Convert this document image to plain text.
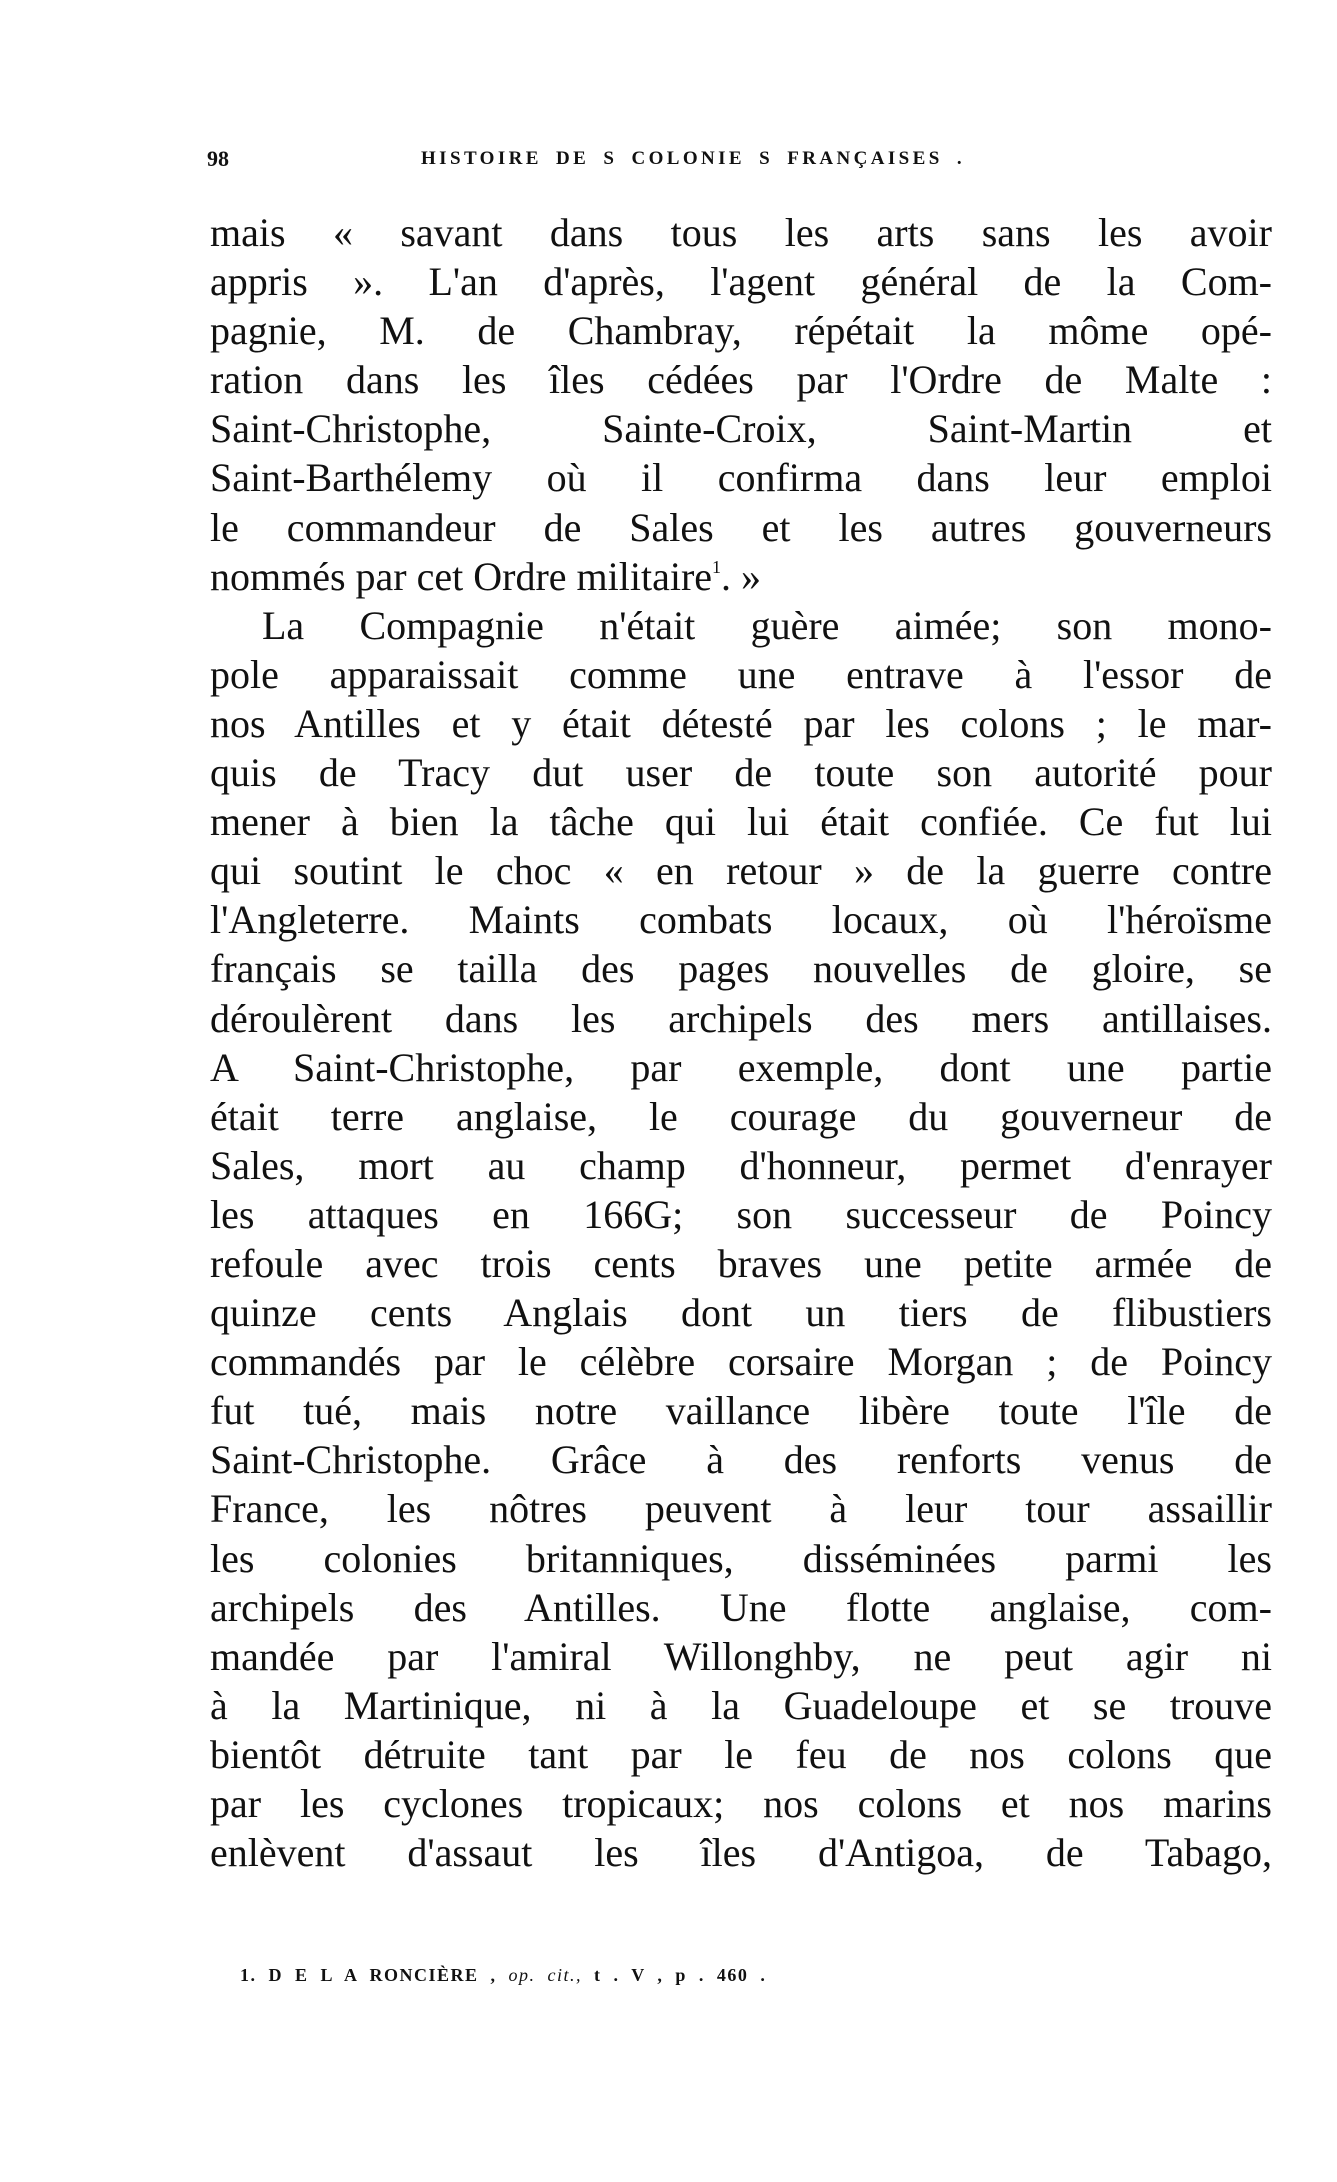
98	HISTOIRE DE S COLONIE S FRANÇAISES .
mais « savant dans tous les arts sans les avoir
appris ». L'an d'après, l'agent général de la Com-
pagnie, M. de Chambray, répétait la môme opé-
ration dans les îles cédées par l'Ordre de Malte :
Saint-Christophe, Sainte-Croix, Saint-Martin et
Saint-Barthélemy où il confirma dans leur emploi
le commandeur de Sales et les autres gouverneurs
nommés par cet Ordre militaire$^1$. »
La Compagnie n'était guère aimée; son mono-
pole apparaissait comme une entrave à l'essor de
nos Antilles et y était détesté par les colons ; le mar-
quis de Tracy dut user de toute son autorité pour
mener à bien la tâche qui lui était confiée. Ce fut lui
qui soutint le choc « en retour » de la guerre contre
l'Angleterre. Maints combats locaux, où l'héroïsme
français se tailla des pages nouvelles de gloire, se
déroulèrent dans les archipels des mers antillaises.
A Saint-Christophe, par exemple, dont une partie
était terre anglaise, le courage du gouverneur de
Sales, mort au champ d'honneur, permet d'enrayer
les attaques en 166G; son successeur de Poincy
refoule avec trois cents braves une petite armée de
quinze cents Anglais dont un tiers de flibustiers
commandés par le célèbre corsaire Morgan ; de Poincy
fut tué, mais notre vaillance libère toute l'île de
Saint-Christophe. Grâce à des renforts venus de
France, les nôtres peuvent à leur tour assaillir
les colonies britanniques, disséminées parmi les
archipels des Antilles. Une flotte anglaise, com-
mandée par l'amiral Willonghby, ne peut agir ni
à la Martinique, ni à la Guadeloupe et se trouve
bientôt détruite tant par le feu de nos colons que
par les cyclones tropicaux; nos colons et nos marins
enlèvent d'assaut les îles d'Antigoa, de Tabago,
1. D E L A RONCIÈRE , op. cit., t . V , p . 460 .
